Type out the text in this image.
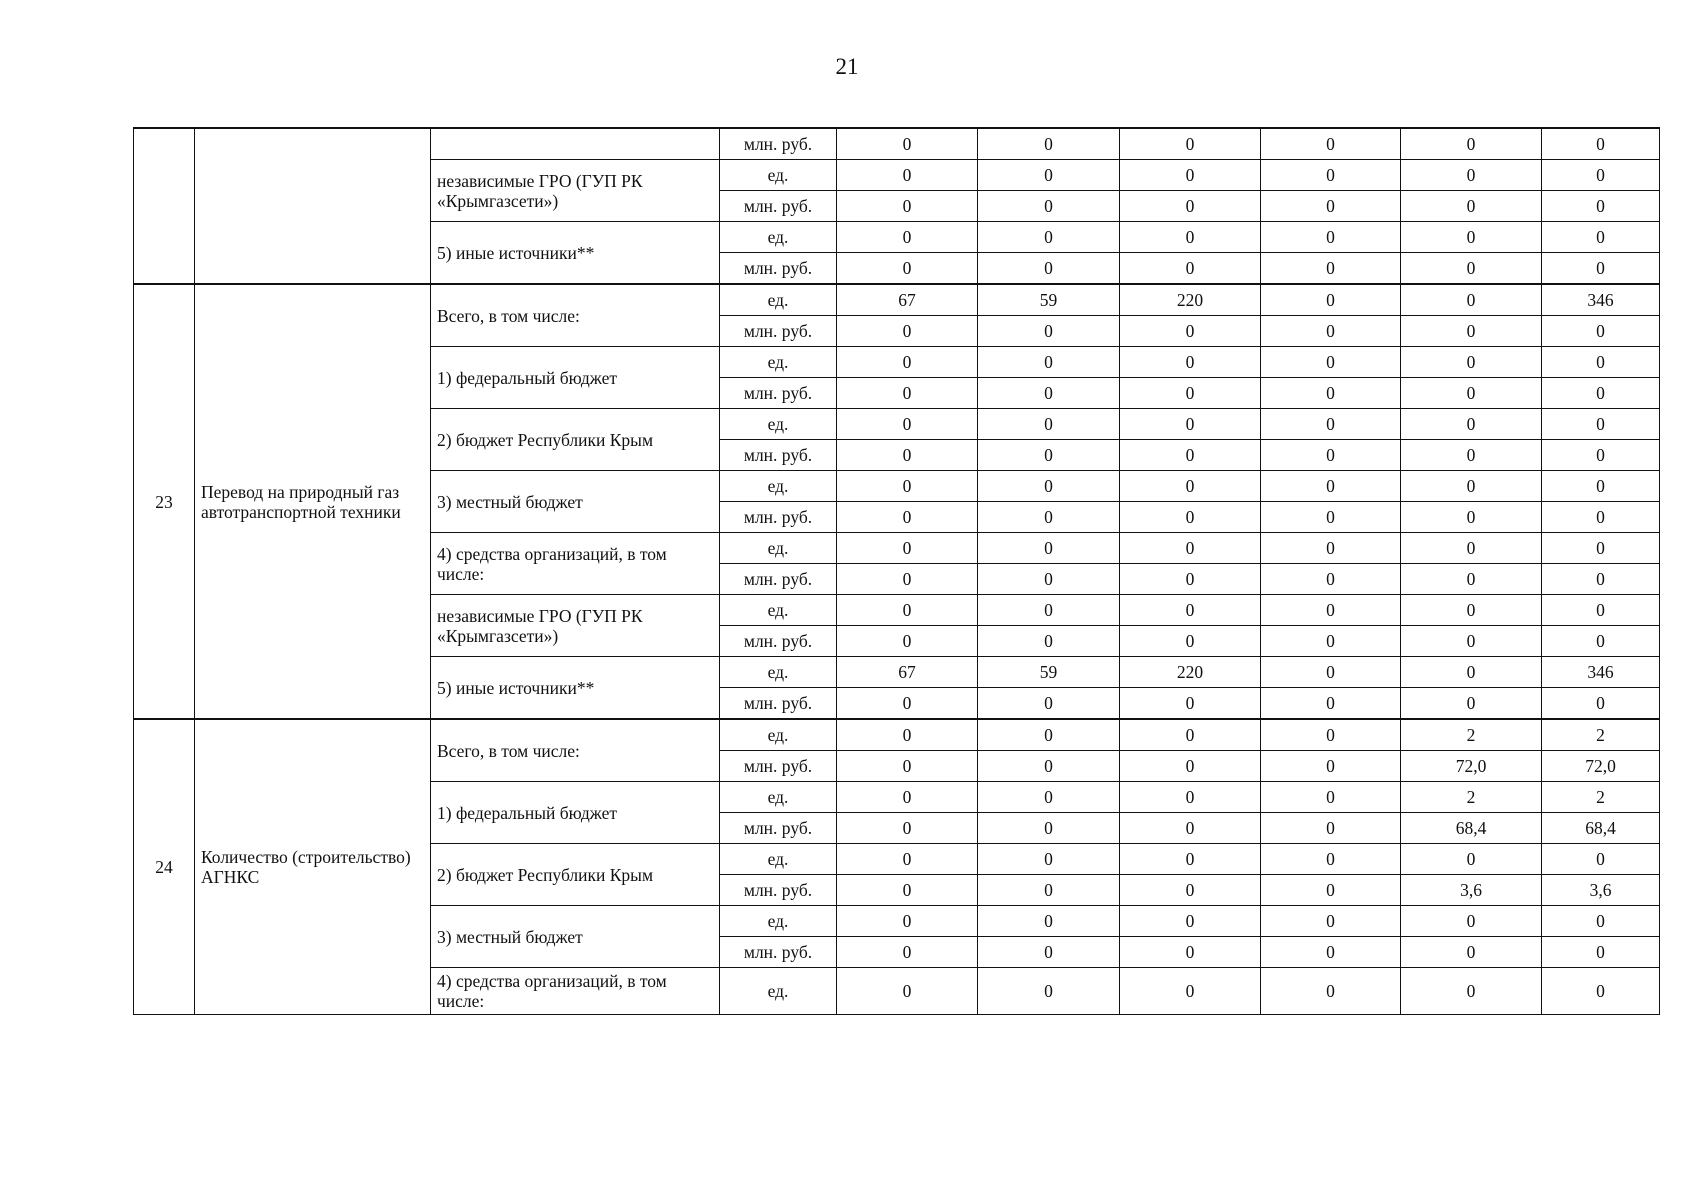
21
			млн. руб.	0	0	0	0	0	0
		независимые ГРО (ГУП РК «Крымгазсети»)	ед.	0	0	0	0	0	0
			млн. руб.	0	0	0	0	0	0
		5) иные источники**	ед.	0	0	0	0	0	0
			млн. руб.	0	0	0	0	0	0
23	Перевод на природный газ автотранспортной техники	Всего, в том числе:	ед.	67	59	220	0	0	346
			млн. руб.	0	0	0	0	0	0
		1) федеральный бюджет	ед.	0	0	0	0	0	0
			млн. руб.	0	0	0	0	0	0
		2) бюджет Республики Крым	ед.	0	0	0	0	0	0
			млн. руб.	0	0	0	0	0	0
		3) местный бюджет	ед.	0	0	0	0	0	0
			млн. руб.	0	0	0	0	0	0
		4) средства организаций, в том числе:	ед.	0	0	0	0	0	0
			млн. руб.	0	0	0	0	0	0
		независимые ГРО (ГУП РК «Крымгазсети»)	ед.	0	0	0	0	0	0
			млн. руб.	0	0	0	0	0	0
		5) иные источники**	ед.	67	59	220	0	0	346
			млн. руб.	0	0	0	0	0	0
24	Количество (строительство) АГНКС	Всего, в том числе:	ед.	0	0	0	0	2	2
			млн. руб.	0	0	0	0	72,0	72,0
		1) федеральный бюджет	ед.	0	0	0	0	2	2
			млн. руб.	0	0	0	0	68,4	68,4
		2) бюджет Республики Крым	ед.	0	0	0	0	0	0
			млн. руб.	0	0	0	0	3,6	3,6
		3) местный бюджет	ед.	0	0	0	0	0	0
			млн. руб.	0	0	0	0	0	0
		4) средства организаций, в том числе:	ед.	0	0	0	0	0	0
